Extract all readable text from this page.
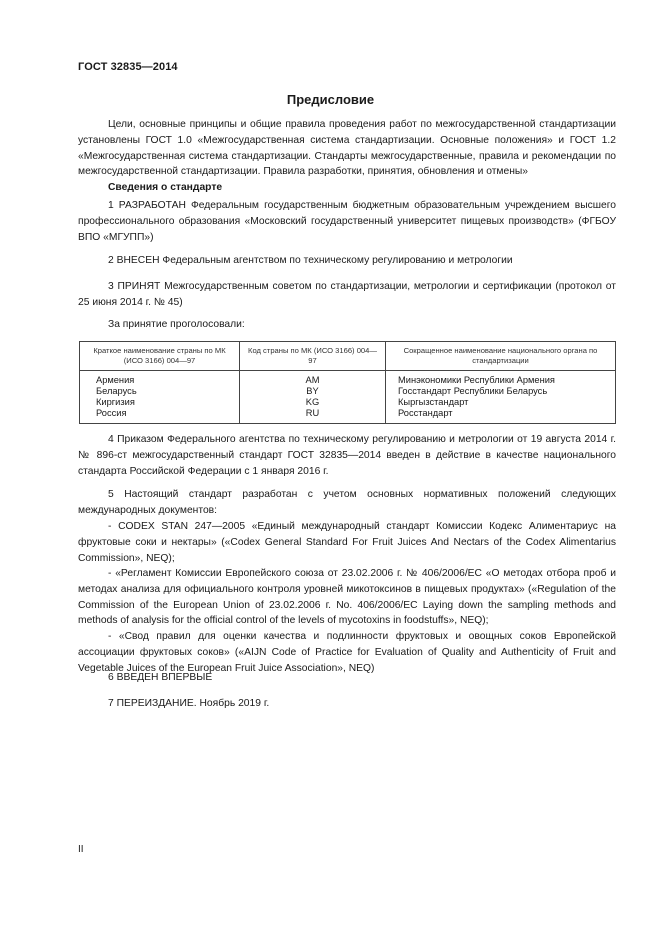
ГОСТ 32835—2014
Предисловие

Цели, основные принципы и общие правила проведения работ по межгосударственной стандартизации установлены ГОСТ 1.0 «Межгосударственная система стандартизации. Основные положения» и ГОСТ 1.2 «Межгосударственная система стандартизации. Стандарты межгосударственные, правила и рекомендации по межгосударственной стандартизации. Правила разработки, принятия, обновления и отмены»

Сведения о стандарте

1 РАЗРАБОТАН Федеральным государственным бюджетным образовательным учреждением высшего профессионального образования «Московский государственный университет пищевых производств» (ФГБОУ ВПО «МГУПП»)

2 ВНЕСЕН Федеральным агентством по техническому регулированию и метрологии

3 ПРИНЯТ Межгосударственным советом по стандартизации, метрологии и сертификации (протокол от 25 июня 2014 г. № 45)

За принятие проголосовали:
Краткое наименование страны по МК (ИСО 3166) 004—97	Код страны по МК (ИСО 3166) 004—97	Сокращенное наименование национального органа по стандартизации
Армения	AM	Минэкономики Республики Армения
Беларусь	BY	Госстандарт Республики Беларусь
Киргизия	KG	Кыргызстандарт
Россия	RU	Росстандарт

4 Приказом Федерального агентства по техническому регулированию и метрологии от 19 августа 2014 г. № 896-ст межгосударственный стандарт ГОСТ 32835—2014 введен в действие в качестве национального стандарта Российской Федерации с 1 января 2016 г.

5 Настоящий стандарт разработан с учетом основных нормативных положений следующих международных документов:

- CODEX STAN 247—2005 «Единый международный стандарт Комиссии Кодекс Алиментариус на фруктовые соки и нектары» («Codex General Standard For Fruit Juices And Nectars of the Codex Alimentarius Commission», NEQ);

- «Регламент Комиссии Европейского союза от 23.02.2006 г. № 406/2006/ЕС «О методах отбора проб и методах анализа для официального контроля уровней микотоксинов в пищевых продуктах» («Regulation of the Commission of the European Union of 23.02.2006 г. No. 406/2006/EC Laying down the sampling methods and methods of analysis for the official control of the levels of mycotoxins in foodstuffs», NEQ);

- «Свод правил для оценки качества и подлинности фруктовых и овощных соков Европейской ассоциации фруктовых соков» («AIJN Code of Practice for Evaluation of Quality and Authenticity of Fruit and Vegetable Juices of the European Fruit Juice Association», NEQ)

6 ВВЕДЕН ВПЕРВЫЕ
7 ПЕРЕИЗДАНИЕ. Ноябрь 2019 г.
II
